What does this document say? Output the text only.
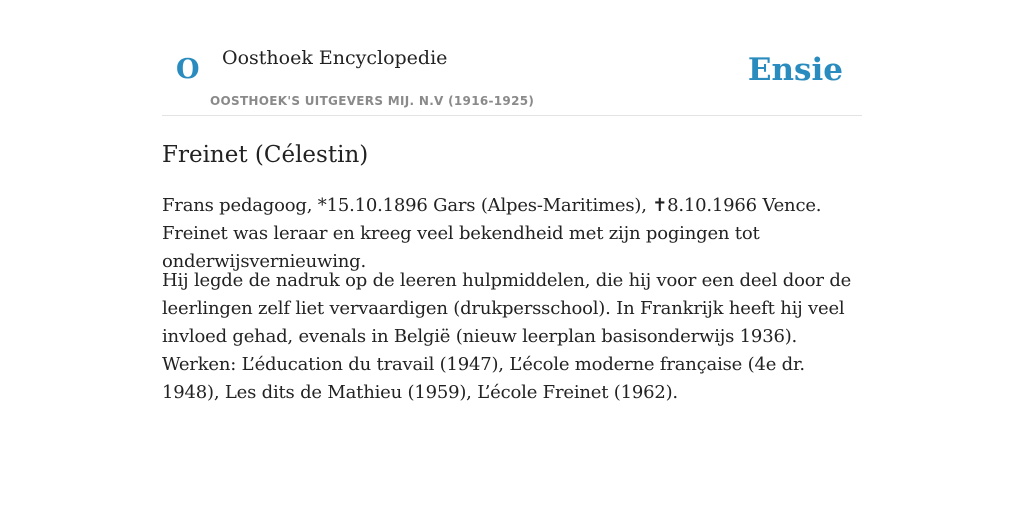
O Oosthoek Encyclopedie
OOSTHOEK'S UITGEVERS MIJ. N.V (1916-1925)
Ensie
Freinet (Célestin)

Frans pedagoog, *15.10.1896 Gars (Alpes-Maritimes), ✝8.10.1966 Vence. Freinet was leraar en kreeg veel bekendheid met zijn pogingen tot onderwijsvernieuwing.

Hij legde de nadruk op de leeren hulpmiddelen, die hij voor een deel door de leerlingen zelf liet vervaardigen (drukpersschool). In Frankrijk heeft hij veel invloed gehad, evenals in België (nieuw leerplan basisonderwijs 1936). Werken: L’éducation du travail (1947), L’école moderne française (4e dr. 1948), Les dits de Mathieu (1959), L’école Freinet (1962).
